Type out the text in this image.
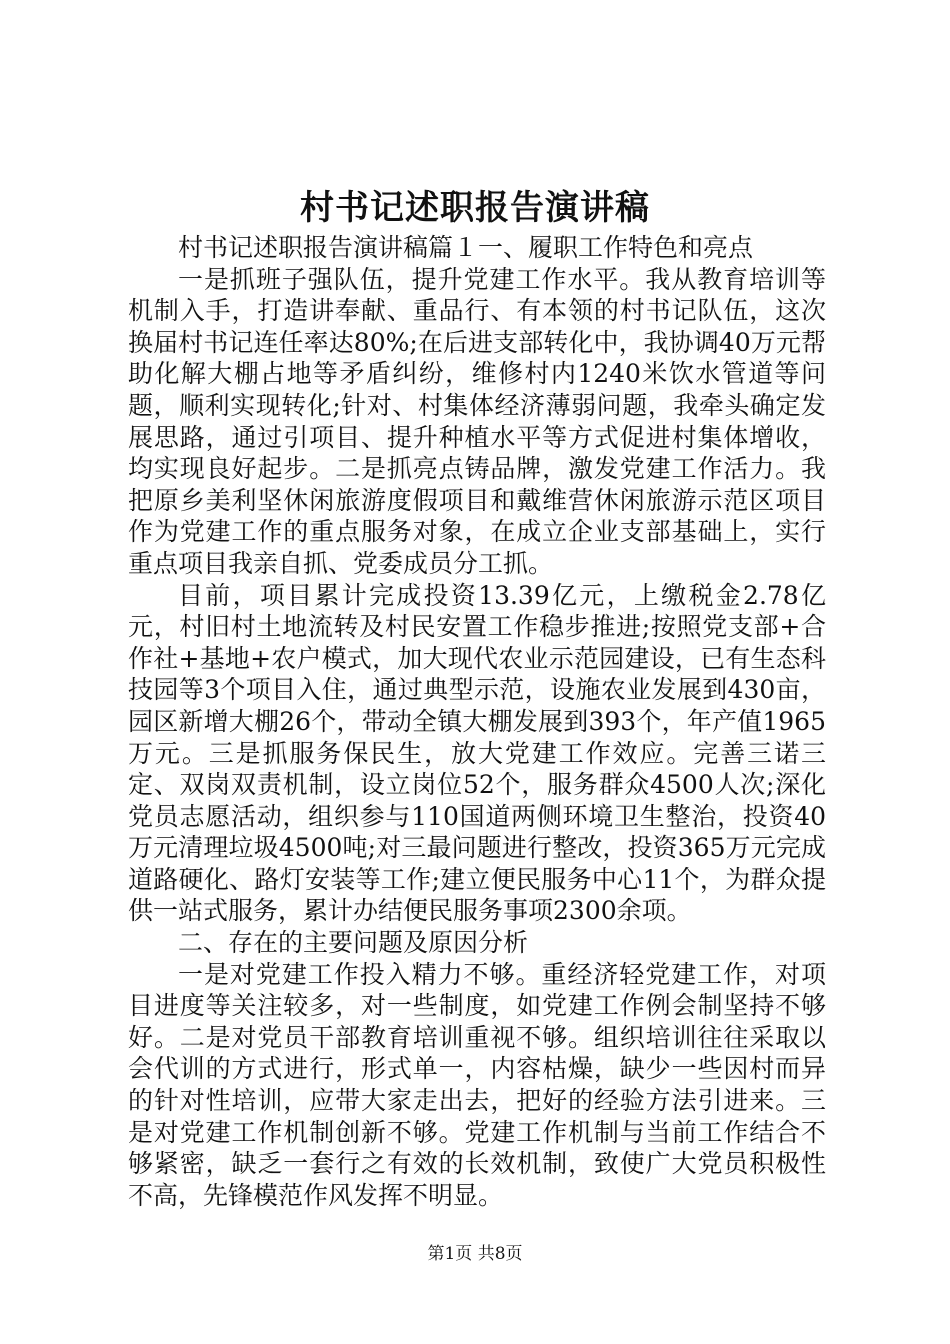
村书记述职报告演讲稿

村书记述职报告演讲稿篇１一、履职工作特色和亮点

一是抓班子强队伍，提升党建工作水平。我从教育培训等机制入手，打造讲奉献、重品行、有本领的村书记队伍，这次换届村书记连任率达80%;在后进支部转化中，我协调40万元帮助化解大棚占地等矛盾纠纷，维修村内1240米饮水管道等问题，顺利实现转化;针对、村集体经济薄弱问题，我牵头确定发展思路，通过引项目、提升种植水平等方式促进村集体增收，均实现良好起步。二是抓亮点铸品牌，激发党建工作活力。我把原乡美利坚休闲旅游度假项目和戴维营休闲旅游示范区项目作为党建工作的重点服务对象，在成立企业支部基础上，实行重点项目我亲自抓、党委成员分工抓。

目前，项目累计完成投资13.39亿元，上缴税金2.78亿元，村旧村土地流转及村民安置工作稳步推进;按照党支部+合作社+基地+农户模式，加大现代农业示范园建设，已有生态科技园等3个项目入住，通过典型示范，设施农业发展到430亩，园区新增大棚26个，带动全镇大棚发展到393个，年产值1965万元。三是抓服务保民生，放大党建工作效应。完善三诺三定、双岗双责机制，设立岗位52个，服务群众4500人次;深化党员志愿活动，组织参与110国道两侧环境卫生整治，投资40万元清理垃圾4500吨;对三最问题进行整改，投资365万元完成道路硬化、路灯安装等工作;建立便民服务中心11个，为群众提供一站式服务，累计办结便民服务事项2300余项。

二、存在的主要问题及原因分析

一是对党建工作投入精力不够。重经济轻党建工作，对项目进度等关注较多，对一些制度，如党建工作例会制坚持不够好。二是对党员干部教育培训重视不够。组织培训往往采取以会代训的方式进行，形式单一，内容枯燥，缺少一些因村而异的针对性培训，应带大家走出去，把好的经验方法引进来。三是对党建工作机制创新不够。党建工作机制与当前工作结合不够紧密，缺乏一套行之有效的长效机制，致使广大党员积极性不高，先锋模范作风发挥不明显。

第1页 共8页
